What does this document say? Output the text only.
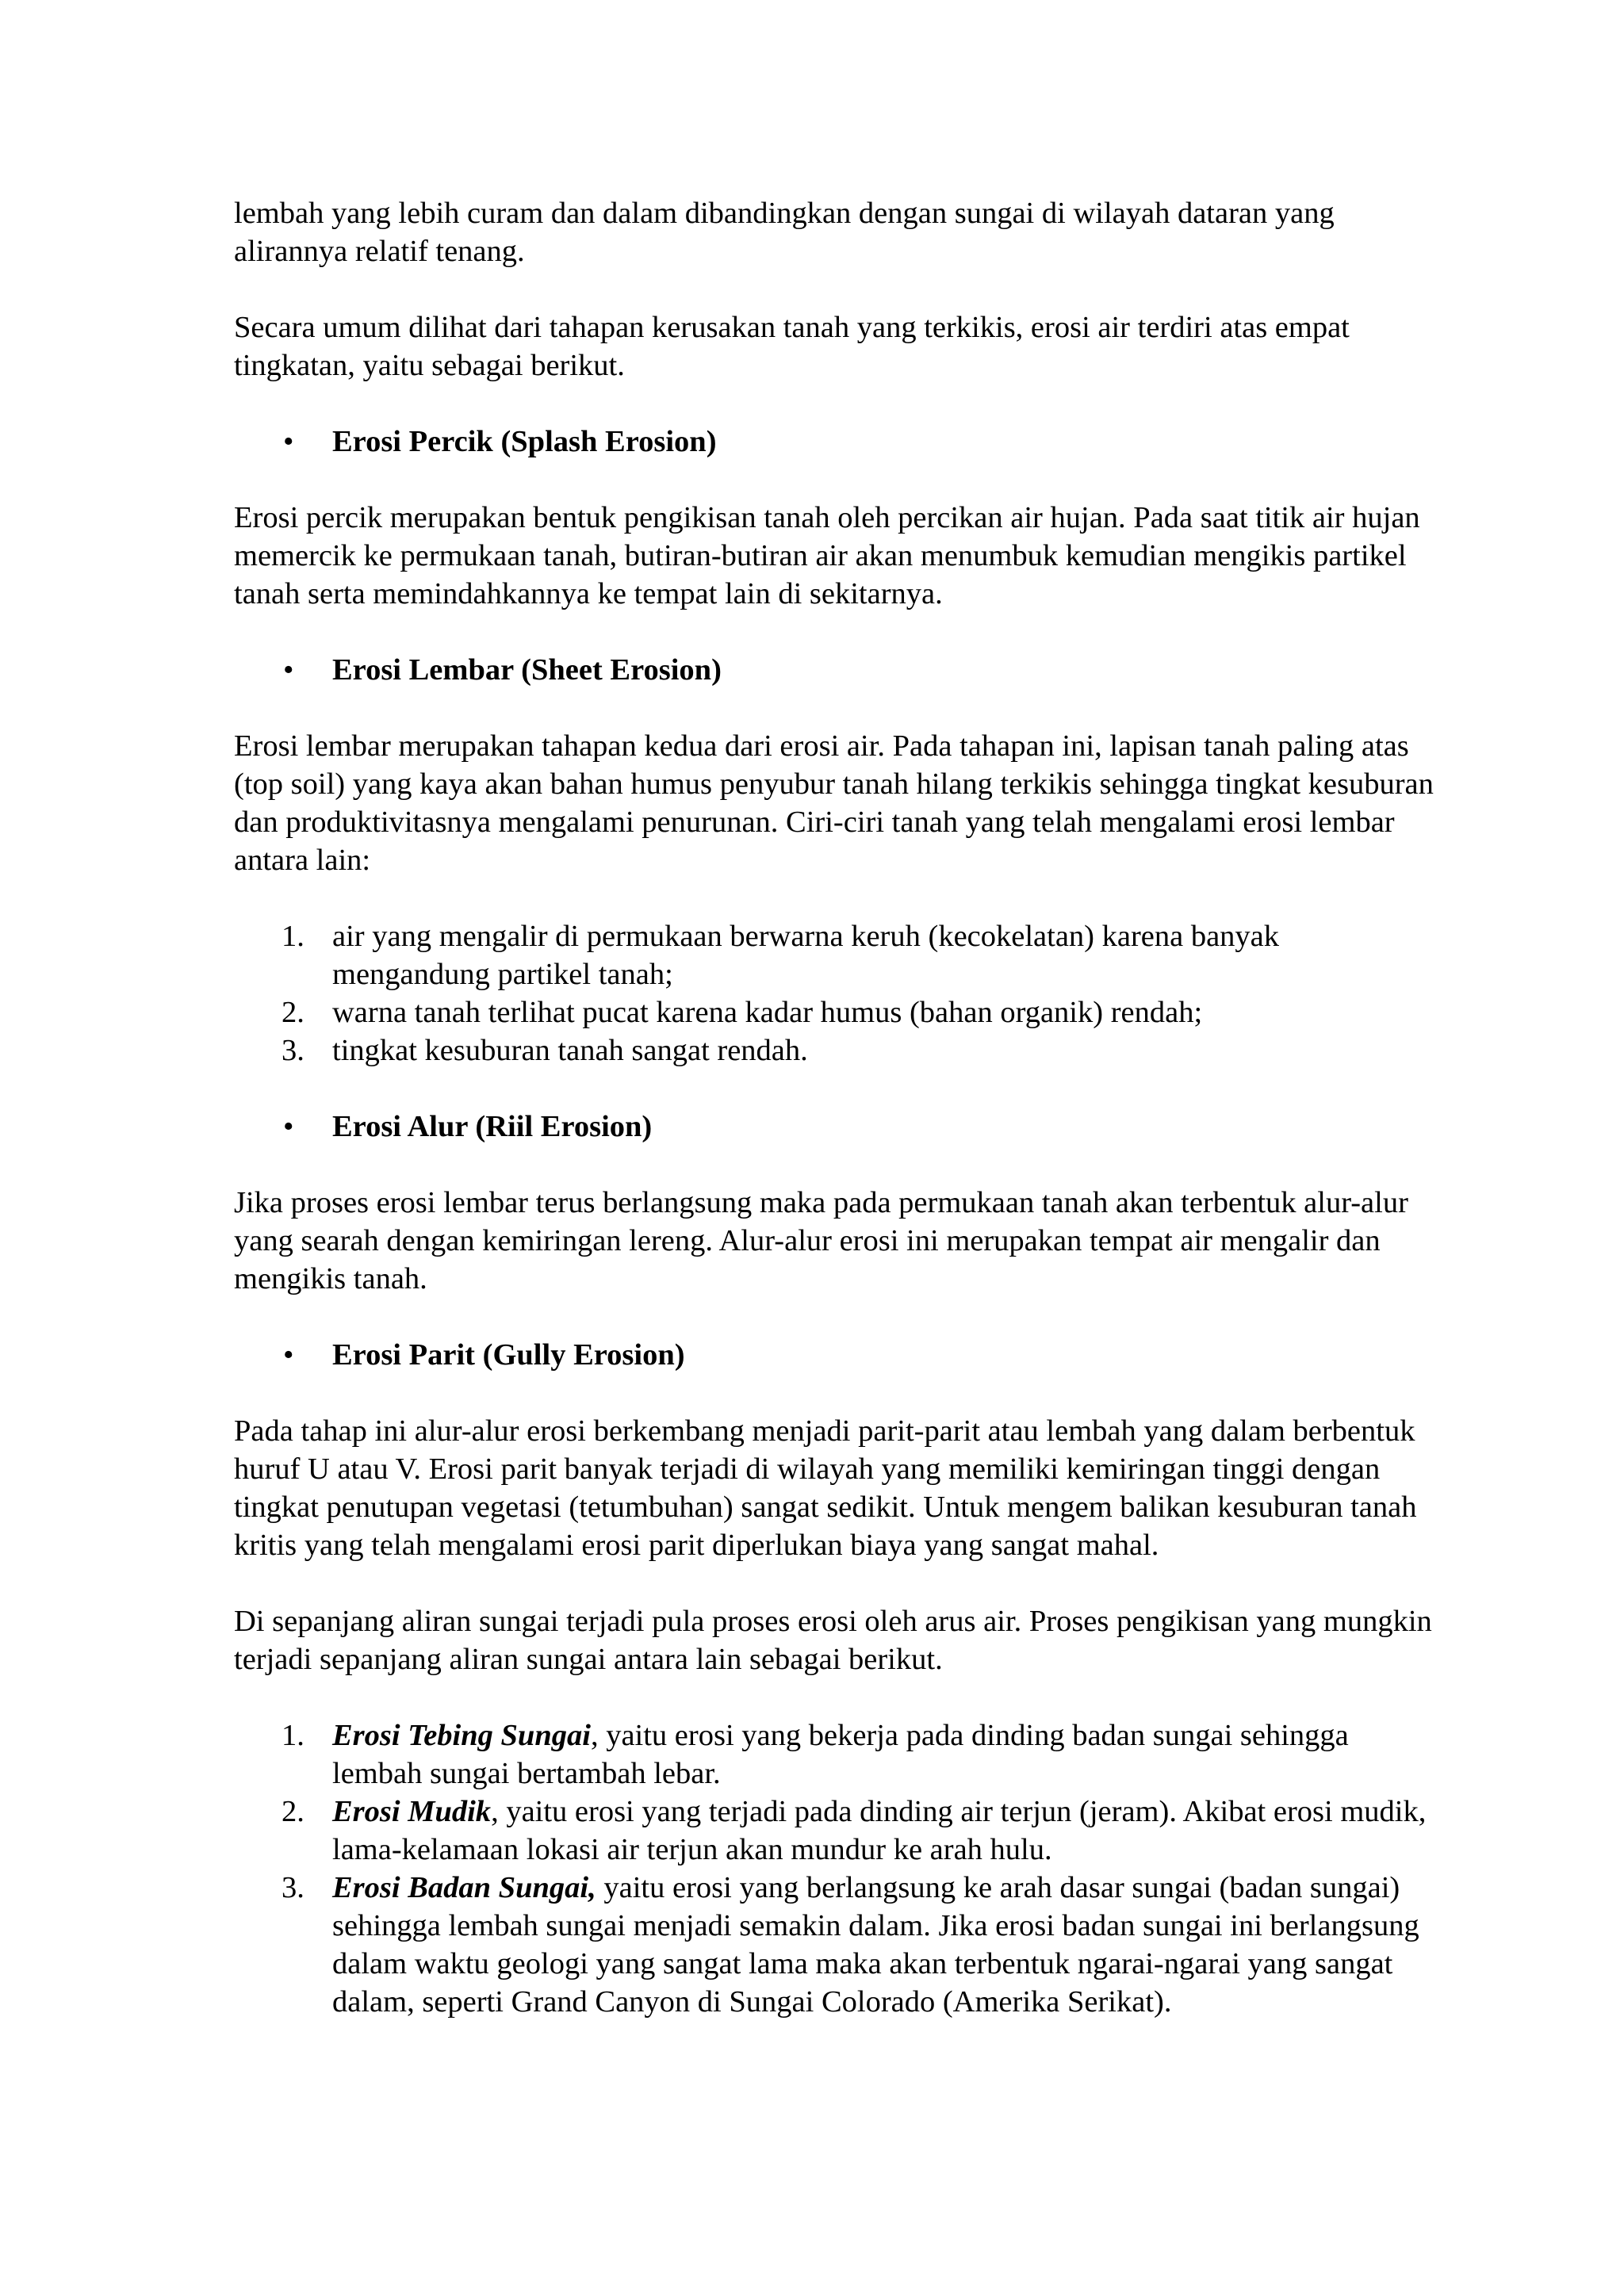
lembah yang lebih curam dan dalam dibandingkan dengan sungai di wilayah dataran yang alirannya relatif tenang.

Secara umum dilihat dari tahapan kerusakan tanah yang terkikis, erosi air terdiri atas empat tingkatan, yaitu sebagai berikut.

• Erosi Percik (Splash Erosion)

Erosi percik merupakan bentuk pengikisan tanah oleh percikan air hujan. Pada saat titik air hujan memercik ke permukaan tanah, butiran-butiran air akan menumbuk kemudian mengikis partikel tanah serta memindahkannya ke tempat lain di sekitarnya.

• Erosi Lembar (Sheet Erosion)

Erosi lembar merupakan tahapan kedua dari erosi air. Pada tahapan ini, lapisan tanah paling atas (top soil) yang kaya akan bahan humus penyubur tanah hilang terkikis sehingga tingkat kesuburan dan produktivitasnya mengalami penurunan. Ciri-ciri tanah yang telah mengalami erosi lembar antara lain:

1. air yang mengalir di permukaan berwarna keruh (kecokelatan) karena banyak mengandung partikel tanah;
2. warna tanah terlihat pucat karena kadar humus (bahan organik) rendah;
3. tingkat kesuburan tanah sangat rendah.
• Erosi Alur (Riil Erosion)

Jika proses erosi lembar terus berlangsung maka pada permukaan tanah akan terbentuk alur-alur yang searah dengan kemiringan lereng. Alur-alur erosi ini merupakan tempat air mengalir dan mengikis tanah.

• Erosi Parit (Gully Erosion)

Pada tahap ini alur-alur erosi berkembang menjadi parit-parit atau lembah yang dalam berbentuk huruf U atau V. Erosi parit banyak terjadi di wilayah yang memiliki kemiringan tinggi dengan tingkat penutupan vegetasi (tetumbuhan) sangat sedikit. Untuk mengem balikan kesuburan tanah kritis yang telah mengalami erosi parit diperlukan biaya yang sangat mahal.

Di sepanjang aliran sungai terjadi pula proses erosi oleh arus air. Proses pengikisan yang mungkin terjadi sepanjang aliran sungai antara lain sebagai berikut.

1. Erosi Tebing Sungai, yaitu erosi yang bekerja pada dinding badan sungai sehingga lembah sungai bertambah lebar.
2. Erosi Mudik, yaitu erosi yang terjadi pada dinding air terjun (jeram). Akibat erosi mudik, lama-kelamaan lokasi air terjun akan mundur ke arah hulu.
3. Erosi Badan Sungai, yaitu erosi yang berlangsung ke arah dasar sungai (badan sungai) sehingga lembah sungai menjadi semakin dalam. Jika erosi badan sungai ini berlangsung dalam waktu geologi yang sangat lama maka akan terbentuk ngarai-ngarai yang sangat dalam, seperti Grand Canyon di Sungai Colorado (Amerika Serikat).
